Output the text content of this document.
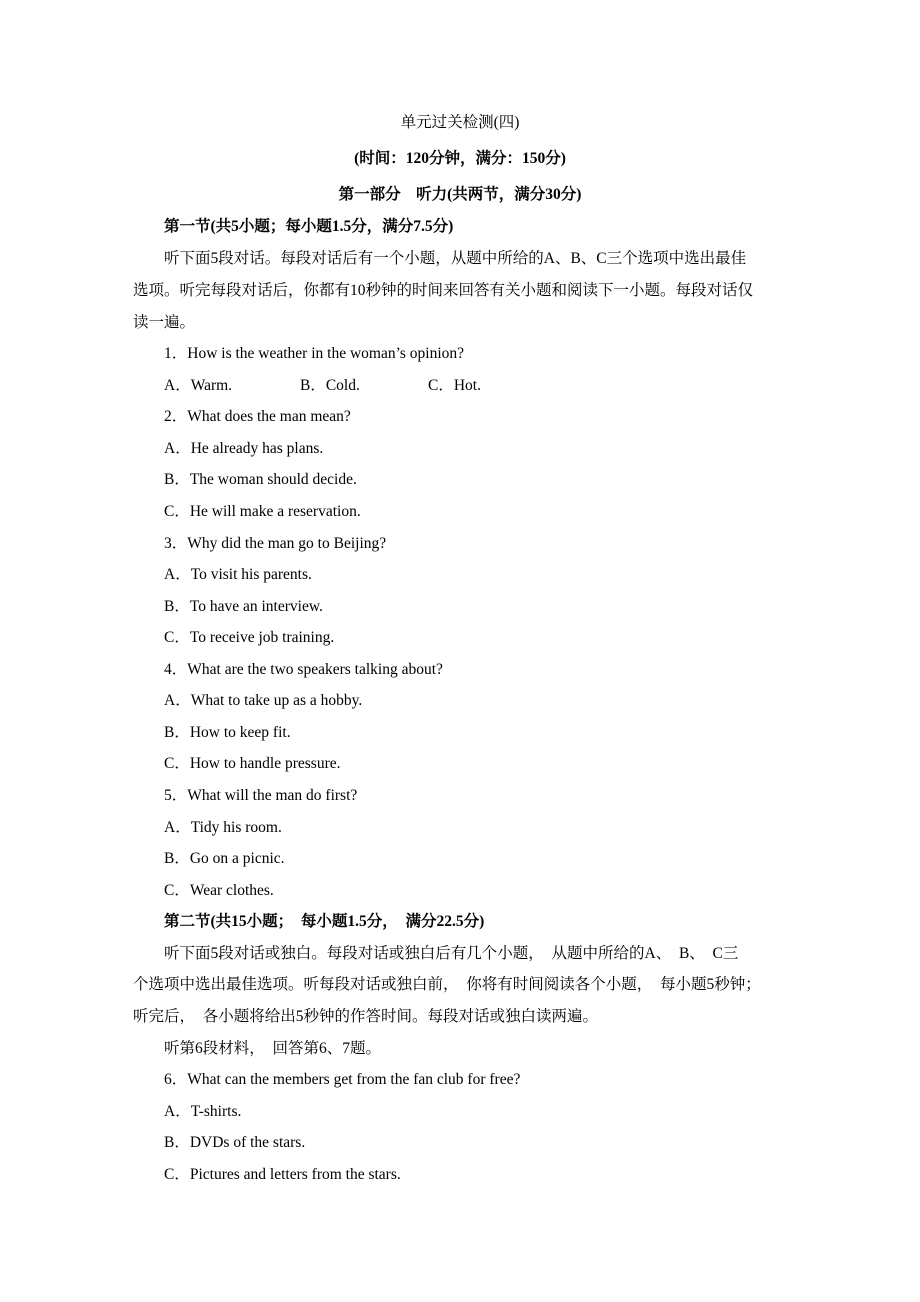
单元过关检测(四)
(时间：120分钟，满分：150分)
第一部分　听力(共两节，满分30分)
第一节(共5小题；每小题1.5分，满分7.5分)
听下面5段对话。每段对话后有一个小题，从题中所给的A、B、C三个选项中选出最佳
选项。听完每段对话后，你都有10秒钟的时间来回答有关小题和阅读下一小题。每段对话仅
读一遍。
1．How is the weather in the woman’s opinion?
A．Warm.	B．Cold.	C．Hot.
2．What does the man mean?
A．He already has plans.
B．The woman should decide.
C．He will make a reservation.
3．Why did the man go to Beijing?
A．To visit his parents.
B．To have an interview.
C．To receive job training.
4．What are the two speakers talking about?
A．What to take up as a hobby.
B．How to keep fit.
C．How to handle pressure.
5．What will the man do first?
A．Tidy his room.
B．Go on a picnic.
C．Wear clothes.
第二节(共15小题；　每小题1.5分，　满分22.5分)
听下面5段对话或独白。每段对话或独白后有几个小题，　从题中所给的A、　B、　C三
个选项中选出最佳选项。听每段对话或独白前，　你将有时间阅读各个小题，　每小题5秒钟；
听完后，　各小题将给出5秒钟的作答时间。每段对话或独白读两遍。
听第6段材料，　回答第6、7题。
6．What can the members get from the fan club for free?
A．T-shirts.
B．DVDs of the stars.
C．Pictures and letters from the stars.
